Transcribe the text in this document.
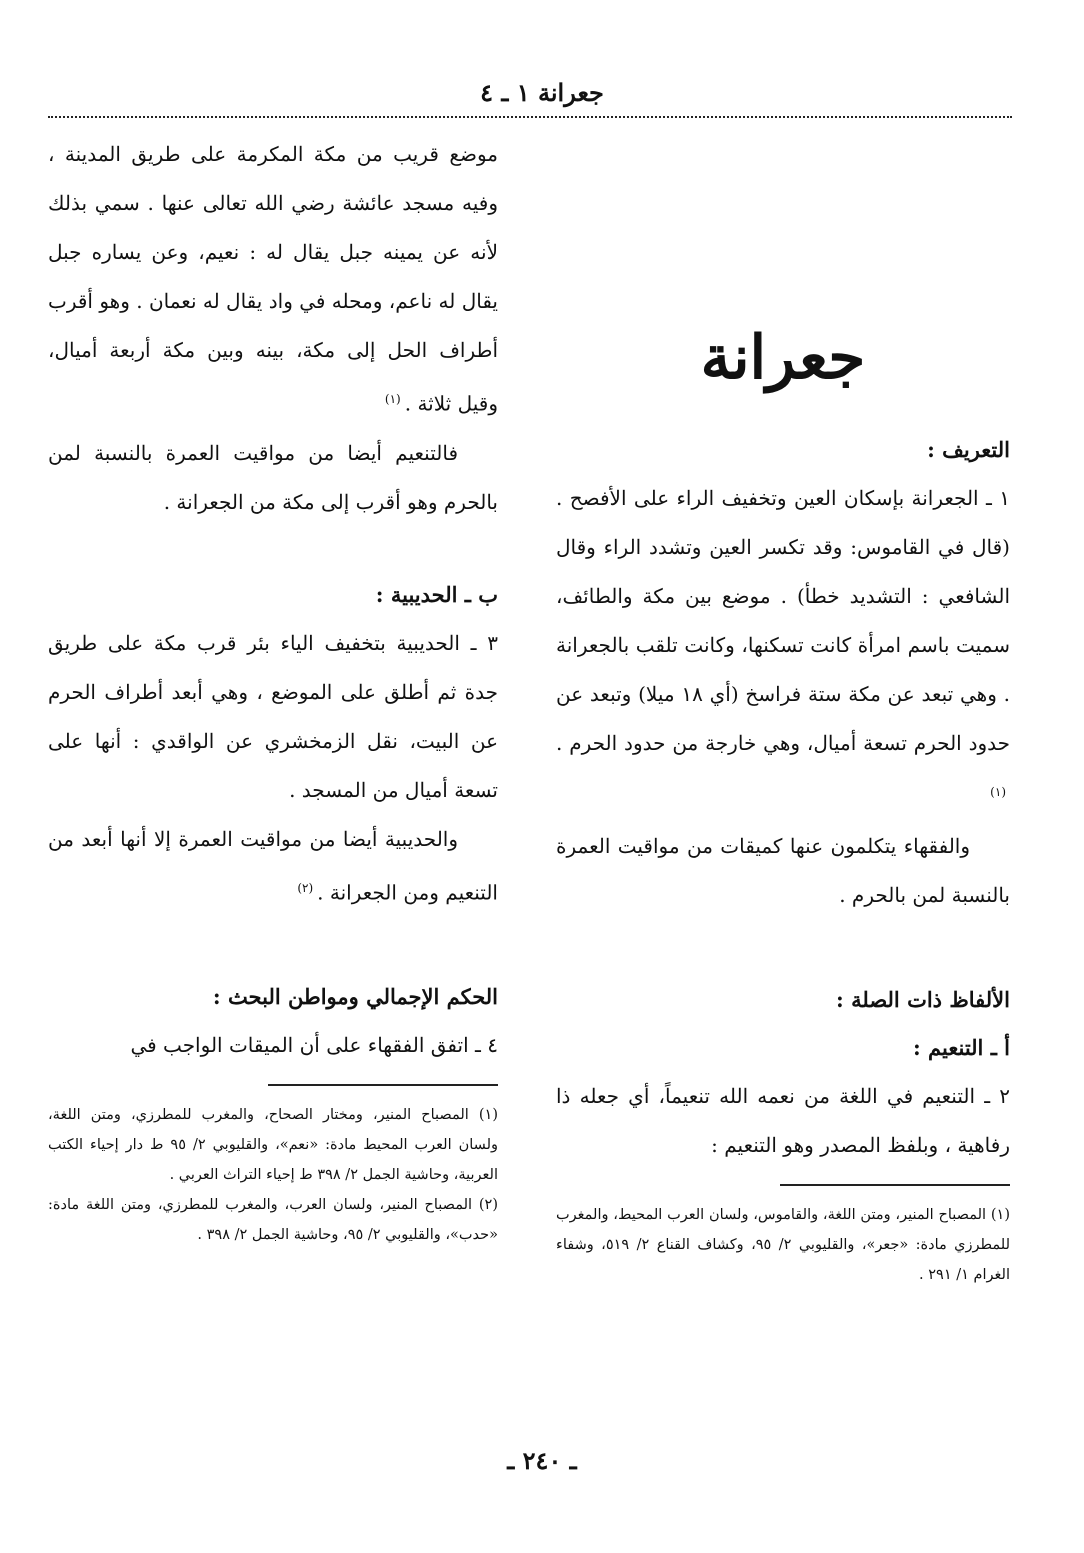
جعرانة ١ ـ ٤
جعرانة

التعريف :

١ ـ الجعرانة بإسكان العين وتخفيف الراء على الأفصح . (قال في القاموس: وقد تكسر العين وتشدد الراء وقال الشافعي : التشديد خطأ) . موضع بين مكة والطائف، سميت باسم امرأة كانت تسكنها، وكانت تلقب بالجعرانة . وهي تبعد عن مكة ستة فراسخ (أي ١٨ ميلا) وتبعد عن حدود الحرم تسعة أميال، وهي خارجة من حدود الحرم .$^{(١)}$

والفقهاء يتكلمون عنها كميقات من مواقيت العمرة بالنسبة لمن بالحرم .

الألفاظ ذات الصلة :

أ ـ التنعيم :

٢ ـ التنعيم في اللغة من نعمه الله تنعيماً، أي جعله ذا رفاهية ، وبلفظ المصدر وهو التنعيم :

(١) المصباح المنير، ومتن اللغة، والقاموس، ولسان العرب المحيط، والمغرب للمطرزي مادة: «جعر»، والقليوبي ٢/ ٩٥، وكشاف القناع ٢/ ٥١٩، وشفاء الغرام ١/ ٢٩١ .

موضع قريب من مكة المكرمة على طريق المدينة ، وفيه مسجد عائشة رضي الله تعالى عنها . سمي بذلك لأنه عن يمينه جبل يقال له : نعيم، وعن يساره جبل يقال له ناعم، ومحله في واد يقال له نعمان . وهو أقرب أطراف الحل إلى مكة، بينه وبين مكة أربعة أميال، وقيل ثلاثة .$^{(١)}$

فالتنعيم أيضا من مواقيت العمرة بالنسبة لمن بالحرم وهو أقرب إلى مكة من الجعرانة .

ب ـ الحديبية :

٣ ـ الحديبية بتخفيف الياء بئر قرب مكة على طريق جدة ثم أطلق على الموضع ، وهي أبعد أطراف الحرم عن البيت، نقل الزمخشري عن الواقدي : أنها على تسعة أميال من المسجد .

والحديبية أيضا من مواقيت العمرة إلا أنها أبعد من التنعيم ومن الجعرانة .$^{(٢)}$

الحكم الإجمالي ومواطن البحث :

٤ ـ اتفق الفقهاء على أن الميقات الواجب في

(١) المصباح المنير، ومختار الصحاح، والمغرب للمطرزي، ومتن اللغة، ولسان العرب المحيط مادة: «نعم»، والقليوبي ٢/ ٩٥ ط دار إحياء الكتب العربية، وحاشية الجمل ٢/ ٣٩٨ ط إحياء التراث العربي .

(٢) المصباح المنير، ولسان العرب، والمغرب للمطرزي، ومتن اللغة مادة: «حدب»، والقليوبي ٢/ ٩٥، وحاشية الجمل ٢/ ٣٩٨ .

ـ ٢٤٠ ـ
